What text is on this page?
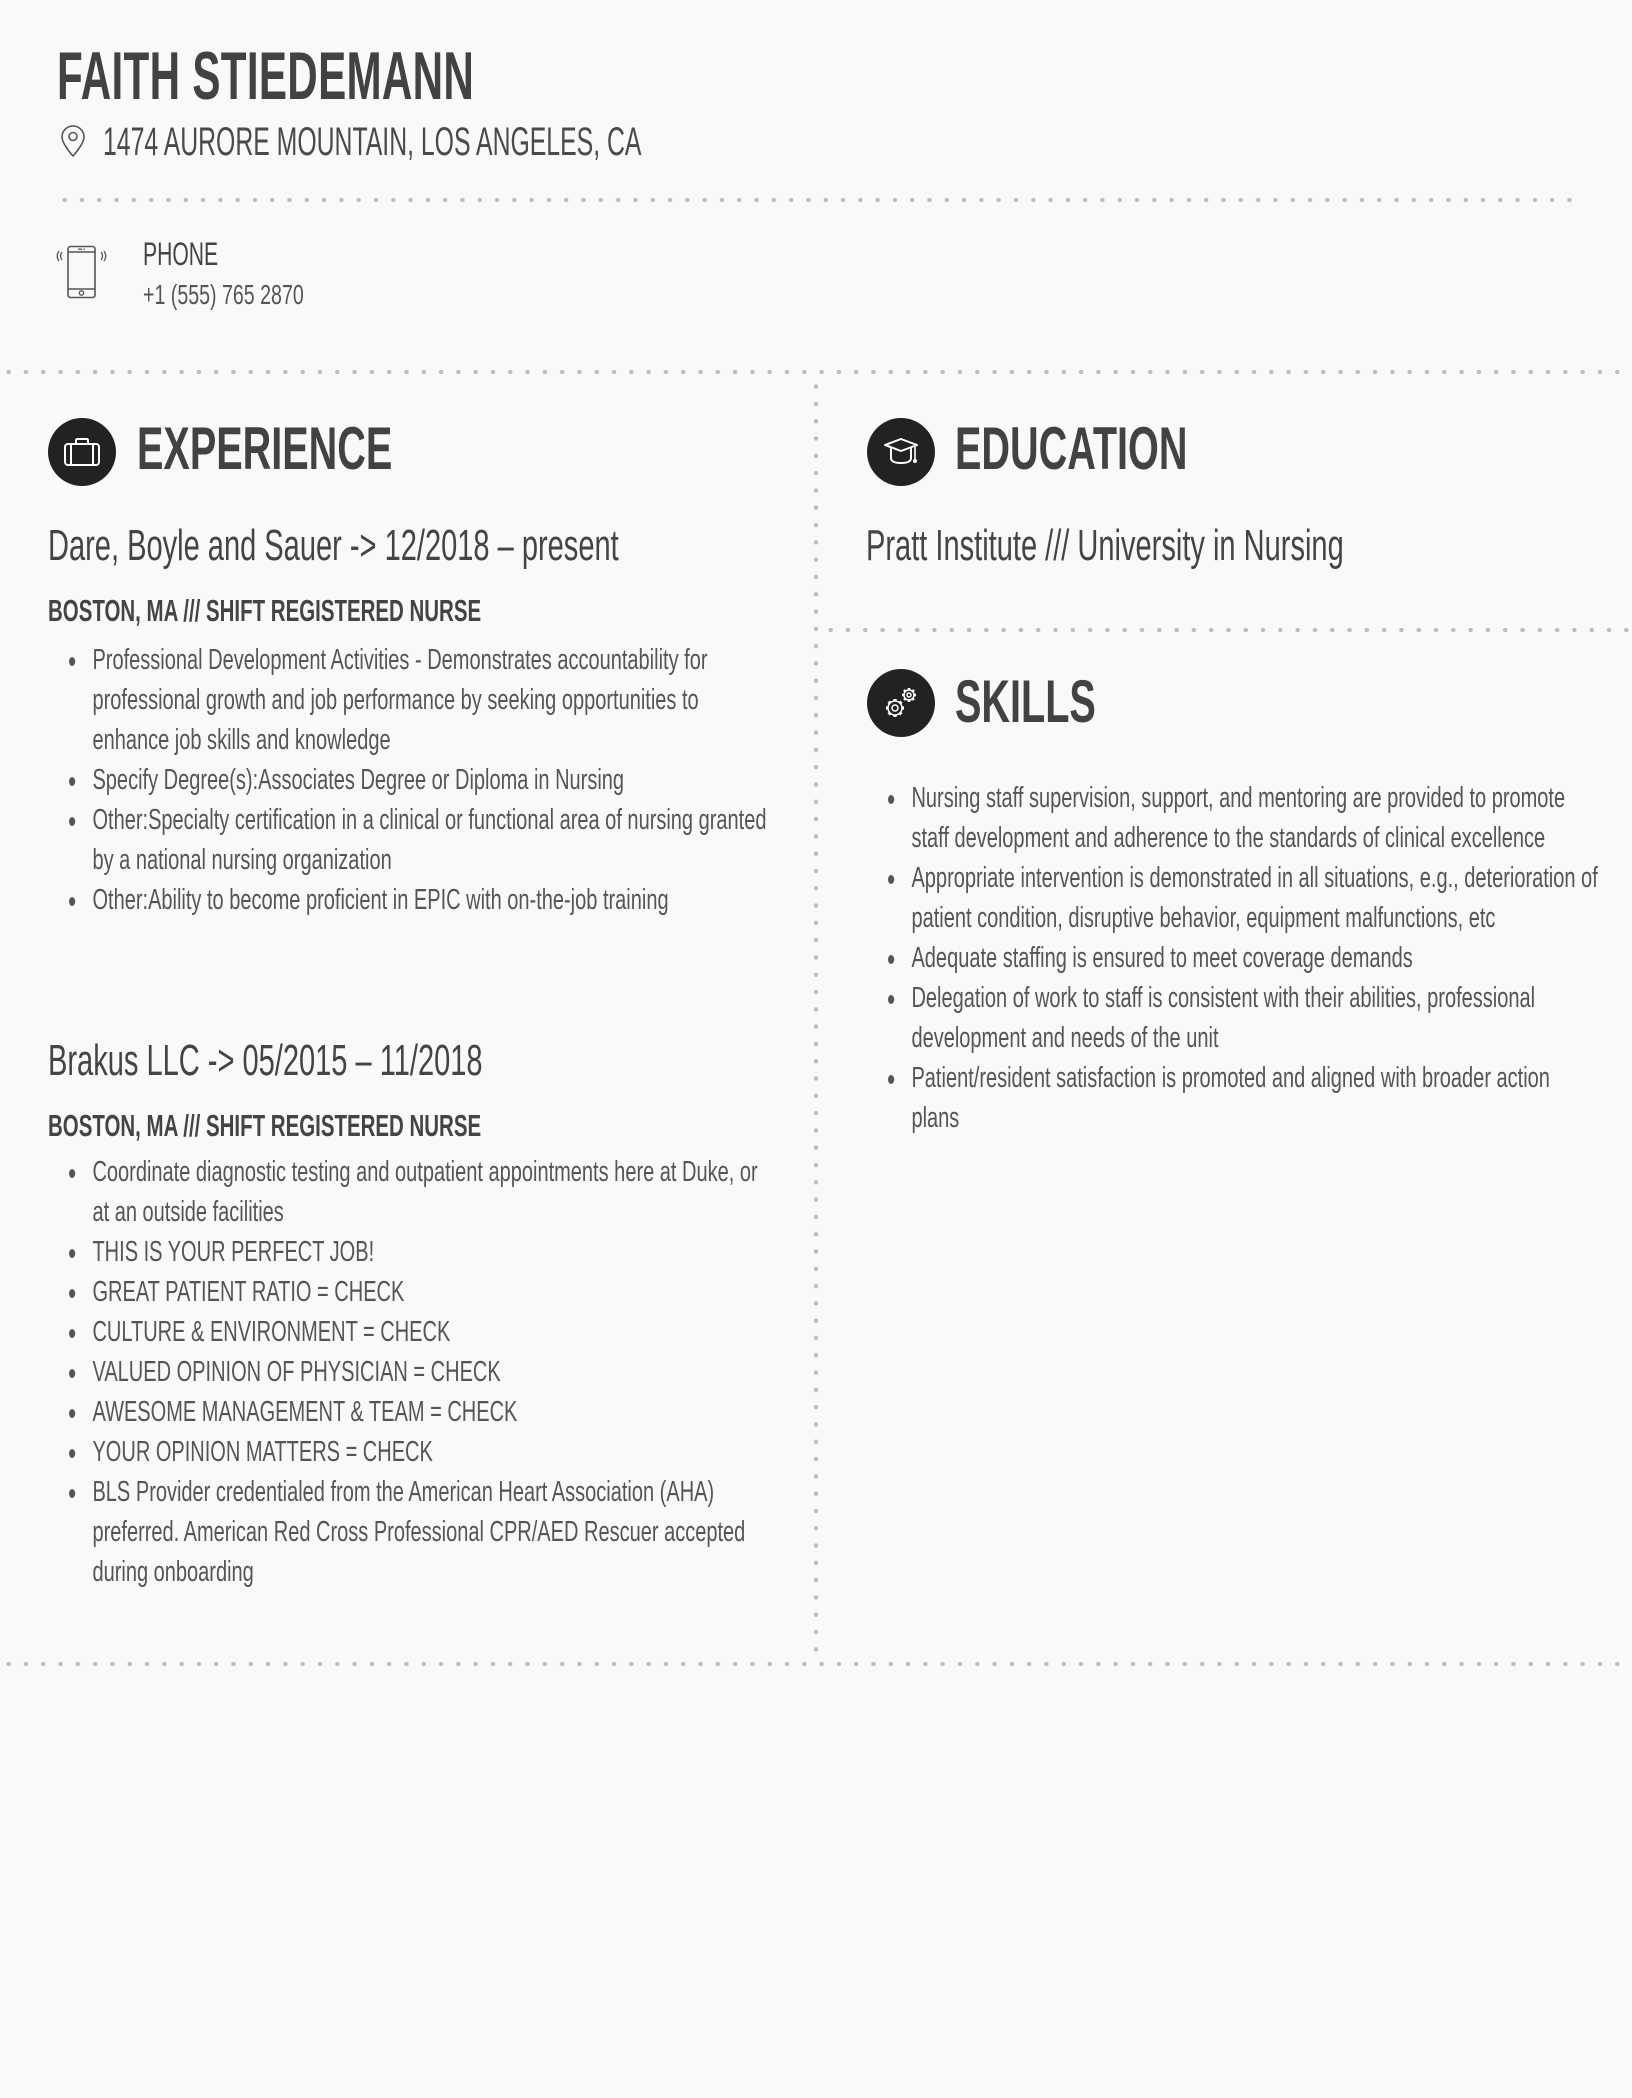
FAITH STIEDEMANN
1474 AURORE MOUNTAIN, LOS ANGELES, CA
PHONE
+1 (555) 765 2870
EXPERIENCE
Dare, Boyle and Sauer -> 12/2018 – present
BOSTON, MA /// SHIFT REGISTERED NURSE
Professional Development Activities - Demonstrates accountability for professional growth and job performance by seeking opportunities to enhance job skills and knowledge
Specify Degree(s):Associates Degree or Diploma in Nursing
Other:Specialty certification in a clinical or functional area of nursing granted by a national nursing organization
Other:Ability to become proficient in EPIC with on-the-job training
Brakus LLC -> 05/2015 – 11/2018
BOSTON, MA /// SHIFT REGISTERED NURSE
Coordinate diagnostic testing and outpatient appointments here at Duke, or at an outside facilities
THIS IS YOUR PERFECT JOB!
GREAT PATIENT RATIO = CHECK
CULTURE & ENVIRONMENT = CHECK
VALUED OPINION OF PHYSICIAN = CHECK
AWESOME MANAGEMENT & TEAM = CHECK
YOUR OPINION MATTERS = CHECK
BLS Provider credentialed from the American Heart Association (AHA) preferred. American Red Cross Professional CPR/AED Rescuer accepted during onboarding
EDUCATION
Pratt Institute /// University in Nursing
SKILLS
Nursing staff supervision, support, and mentoring are provided to promote staff development and adherence to the standards of clinical excellence
Appropriate intervention is demonstrated in all situations, e.g., deterioration of patient condition, disruptive behavior, equipment malfunctions, etc
Adequate staffing is ensured to meet coverage demands
Delegation of work to staff is consistent with their abilities, professional development and needs of the unit
Patient/resident satisfaction is promoted and aligned with broader action plans
